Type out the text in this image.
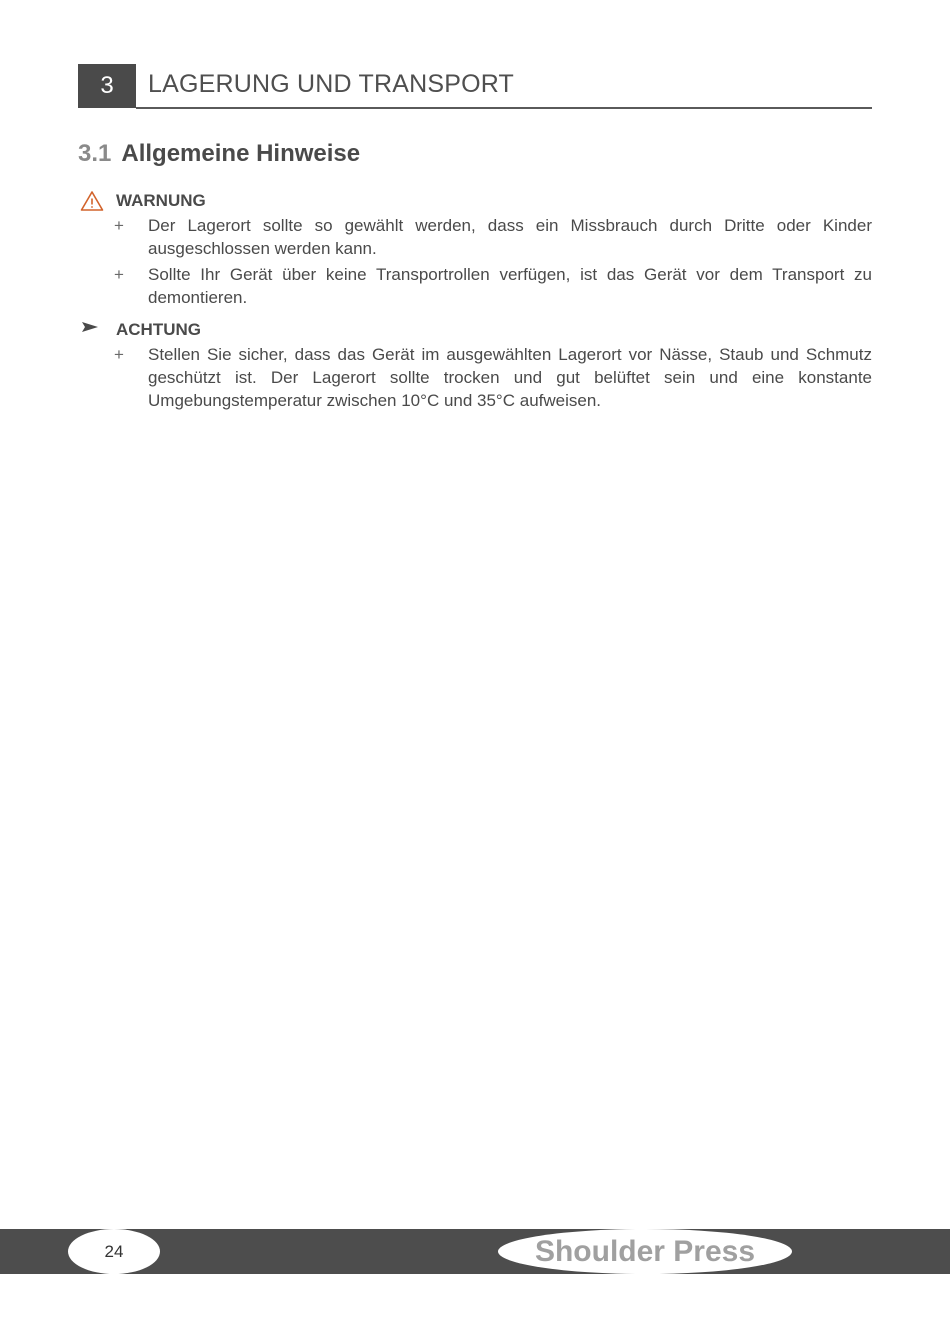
3	LAGERUNG UND TRANSPORT
3.1 Allgemeine Hinweise
WARNUNG
+ Der Lagerort sollte so gewählt werden, dass ein Missbrauch durch Dritte oder Kinder ausgeschlossen werden kann.
+ Sollte Ihr Gerät über keine Transportrollen verfügen, ist das Gerät vor dem Transport zu demontieren.
ACHTUNG
+ Stellen Sie sicher, dass das Gerät im ausgewählten Lagerort vor Nässe, Staub und Schmutz geschützt ist. Der Lagerort sollte trocken und gut belüftet sein und eine konstante Umgebungstemperatur zwischen 10°C und 35°C aufweisen.
24	Shoulder Press
